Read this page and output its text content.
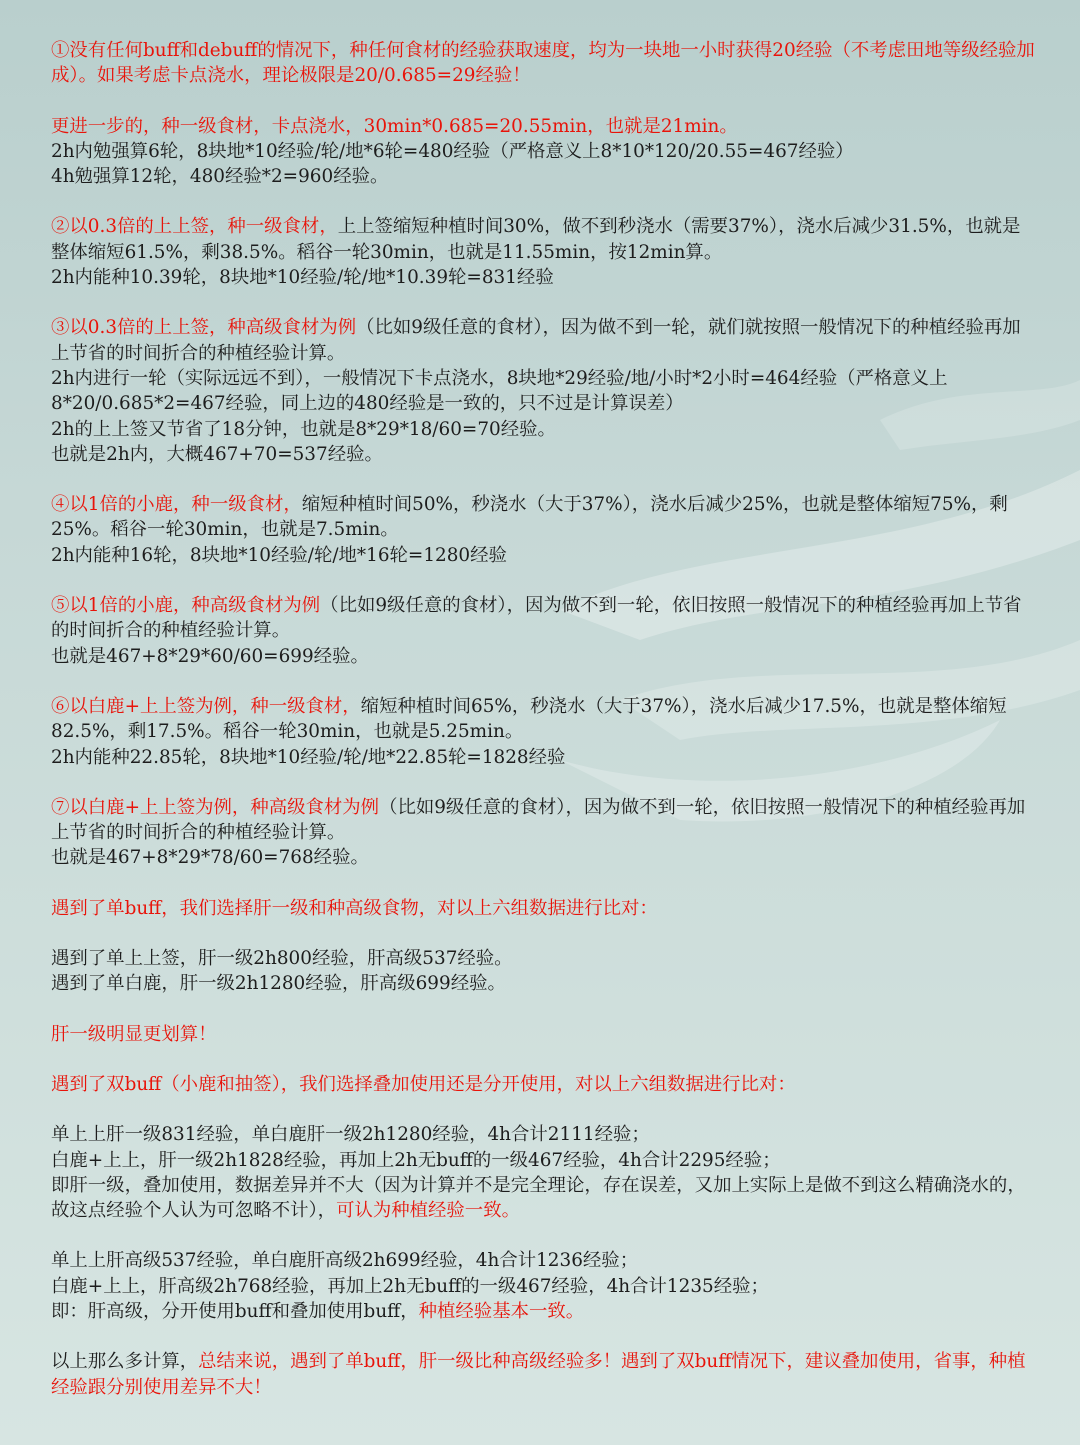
①没有任何buff和debuff的情况下，种任何食材的经验获取速度，均为一块地一小时获得20经验（不考虑田地等级经验加成）。如果考虑卡点浇水，理论极限是20/0.685=29经验！

更进一步的，种一级食材，卡点浇水，30min*0.685=20.55min，也就是21min。
2h内勉强算6轮，8块地*10经验/轮/地*6轮=480经验（严格意义上8*10*120/20.55=467经验）
4h勉强算12轮，480经验*2=960经验。

②以0.3倍的上上签，种一级食材，上上签缩短种植时间30%，做不到秒浇水（需要37%），浇水后减少31.5%，也就是整体缩短61.5%，剩38.5%。稻谷一轮30min，也就是11.55min，按12min算。
2h内能种10.39轮，8块地*10经验/轮/地*10.39轮=831经验

③以0.3倍的上上签，种高级食材为例（比如9级任意的食材），因为做不到一轮，就们就按照一般情况下的种植经验再加上节省的时间折合的种植经验计算。
2h内进行一轮（实际远远不到），一般情况下卡点浇水，8块地*29经验/地/小时*2小时=464经验（严格意义上8*20/0.685*2=467经验，同上边的480经验是一致的，只不过是计算误差）
2h的上上签又节省了18分钟，也就是8*29*18/60=70经验。
也就是2h内，大概467+70=537经验。

④以1倍的小鹿，种一级食材，缩短种植时间50%，秒浇水（大于37%），浇水后减少25%，也就是整体缩短75%，剩25%。稻谷一轮30min，也就是7.5min。
2h内能种16轮，8块地*10经验/轮/地*16轮=1280经验

⑤以1倍的小鹿，种高级食材为例（比如9级任意的食材），因为做不到一轮，依旧按照一般情况下的种植经验再加上节省的时间折合的种植经验计算。
也就是467+8*29*60/60=699经验。

⑥以白鹿+上上签为例，种一级食材，缩短种植时间65%，秒浇水（大于37%），浇水后减少17.5%，也就是整体缩短82.5%，剩17.5%。稻谷一轮30min，也就是5.25min。
2h内能种22.85轮，8块地*10经验/轮/地*22.85轮=1828经验

⑦以白鹿+上上签为例，种高级食材为例（比如9级任意的食材），因为做不到一轮，依旧按照一般情况下的种植经验再加上节省的时间折合的种植经验计算。
也就是467+8*29*78/60=768经验。

遇到了单buff，我们选择肝一级和种高级食物，对以上六组数据进行比对：

遇到了单上上签，肝一级2h800经验，肝高级537经验。
遇到了单白鹿，肝一级2h1280经验，肝高级699经验。

肝一级明显更划算！

遇到了双buff（小鹿和抽签），我们选择叠加使用还是分开使用，对以上六组数据进行比对：

单上上肝一级831经验，单白鹿肝一级2h1280经验，4h合计2111经验；
白鹿+上上，肝一级2h1828经验，再加上2h无buff的一级467经验，4h合计2295经验；
即肝一级，叠加使用，数据差异并不大（因为计算并不是完全理论，存在误差，又加上实际上是做不到这么精确浇水的，故这点经验个人认为可忽略不计），可认为种植经验一致。

单上上肝高级537经验，单白鹿肝高级2h699经验，4h合计1236经验；
白鹿+上上，肝高级2h768经验，再加上2h无buff的一级467经验，4h合计1235经验；
即：肝高级，分开使用buff和叠加使用buff，种植经验基本一致。

以上那么多计算，总结来说，遇到了单buff，肝一级比种高级经验多！遇到了双buff情况下，建议叠加使用，省事，种植经验跟分别使用差异不大！
